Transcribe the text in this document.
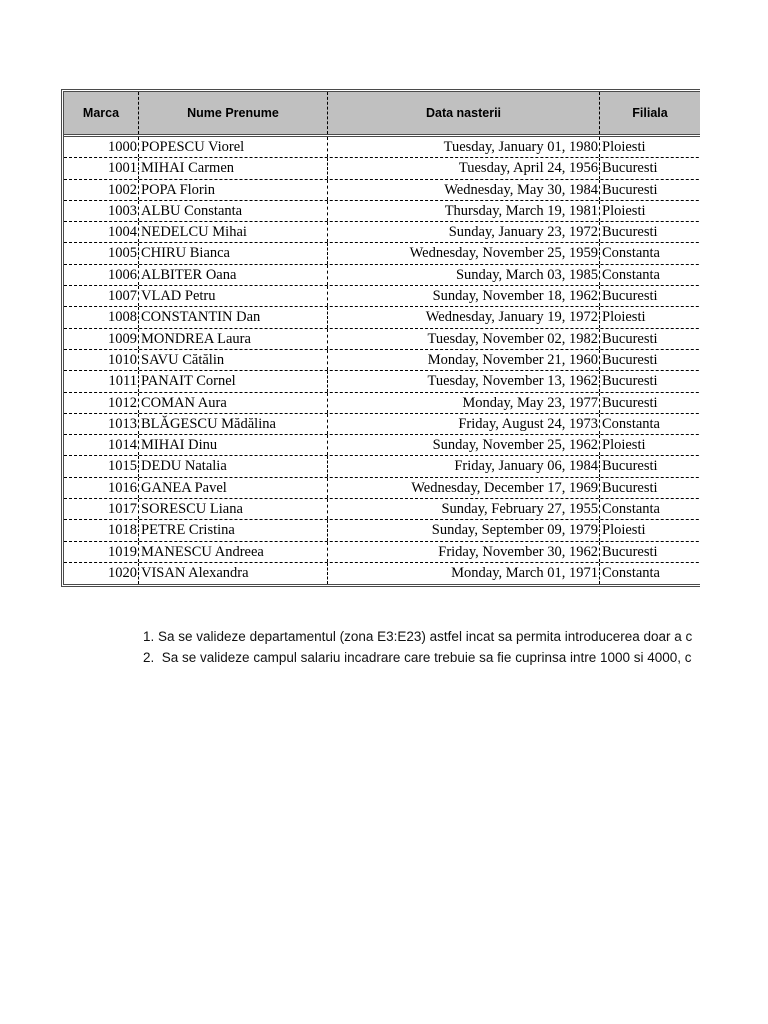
Marca	Nume Prenume	Data nasterii	Filiala
1000 POPESCU Viorel	Tuesday, January 01, 1980 Ploiesti
1001 MIHAI Carmen	Tuesday, April 24, 1956 Bucuresti
1002 POPA Florin	Wednesday, May 30, 1984 Bucuresti
1003 ALBU Constanta	Thursday, March 19, 1981 Ploiesti
1004 NEDELCU Mihai	Sunday, January 23, 1972 Bucuresti
1005 CHIRU Bianca	Wednesday, November 25, 1959 Constanta
1006 ALBITER Oana	Sunday, March 03, 1985 Constanta
1007 VLAD Petru	Sunday, November 18, 1962 Bucuresti
1008 CONSTANTIN Dan	Wednesday, January 19, 1972 Ploiesti
1009 MONDREA Laura	Tuesday, November 02, 1982 Bucuresti
1010 SAVU Cătălin	Monday, November 21, 1960 Bucuresti
1011 PANAIT Cornel	Tuesday, November 13, 1962 Bucuresti
1012 COMAN Aura	Monday, May 23, 1977 Bucuresti
1013 BLĂGESCU Mădălina	Friday, August 24, 1973 Constanta
1014 MIHAI Dinu	Sunday, November 25, 1962 Ploiesti
1015 DEDU Natalia	Friday, January 06, 1984 Bucuresti
1016 GANEA Pavel	Wednesday, December 17, 1969 Bucuresti
1017 SORESCU Liana	Sunday, February 27, 1955 Constanta
1018 PETRE Cristina	Sunday, September 09, 1979 Ploiesti
1019 MANESCU Andreea	Friday, November 30, 1962 Bucuresti
1020 VISAN Alexandra	Monday, March 01, 1971 Constanta
1. Sa se valideze departamentul (zona E3:E23) astfel incat sa permita introducerea doar a c
2.  Sa se valideze campul salariu incadrare care trebuie sa fie cuprinsa intre 1000 si 4000, c
